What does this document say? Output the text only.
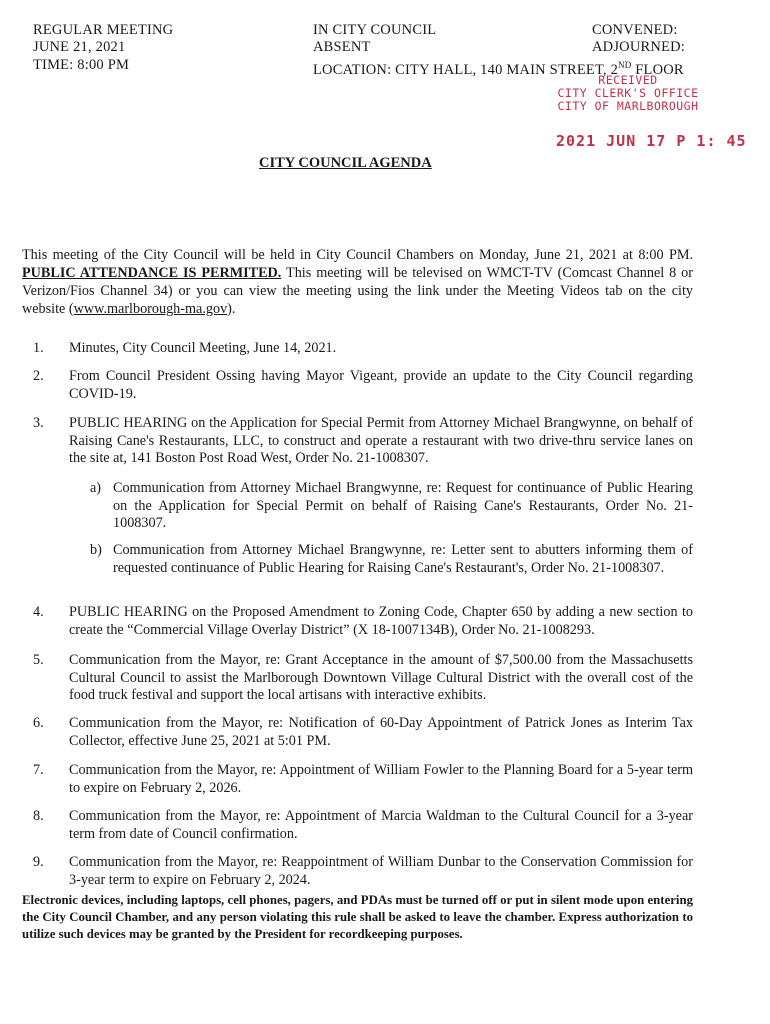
REGULAR MEETING
JUNE 21, 2021
TIME: 8:00 PM
IN CITY COUNCIL
ABSENT
LOCATION: CITY HALL, 140 MAIN STREET, 2ND FLOOR
CONVENED:
ADJOURNED:
RECEIVED
CITY CLERK'S OFFICE
CITY OF MARLBOROUGH
2021 JUN 17 P 1: 45
CITY COUNCIL AGENDA
This meeting of the City Council will be held in City Council Chambers on Monday, June 21, 2021 at 8:00 PM. PUBLIC ATTENDANCE IS PERMITED. This meeting will be televised on WMCT-TV (Comcast Channel 8 or Verizon/Fios Channel 34) or you can view the meeting using the link under the Meeting Videos tab on the city website (www.marlborough-ma.gov).
1. Minutes, City Council Meeting, June 14, 2021.
2. From Council President Ossing having Mayor Vigeant, provide an update to the City Council regarding COVID-19.
3. PUBLIC HEARING on the Application for Special Permit from Attorney Michael Brangwynne, on behalf of Raising Cane's Restaurants, LLC, to construct and operate a restaurant with two drive-thru service lanes on the site at, 141 Boston Post Road West, Order No. 21-1008307.
a) Communication from Attorney Michael Brangwynne, re: Request for continuance of Public Hearing on the Application for Special Permit on behalf of Raising Cane's Restaurants, Order No. 21-1008307.
b) Communication from Attorney Michael Brangwynne, re: Letter sent to abutters informing them of requested continuance of Public Hearing for Raising Cane's Restaurant's, Order No. 21-1008307.
4. PUBLIC HEARING on the Proposed Amendment to Zoning Code, Chapter 650 by adding a new section to create the “Commercial Village Overlay District” (X 18-1007134B), Order No. 21-1008293.
5. Communication from the Mayor, re: Grant Acceptance in the amount of $7,500.00 from the Massachusetts Cultural Council to assist the Marlborough Downtown Village Cultural District with the overall cost of the food truck festival and support the local artisans with interactive exhibits.
6. Communication from the Mayor, re: Notification of 60-Day Appointment of Patrick Jones as Interim Tax Collector, effective June 25, 2021 at 5:01 PM.
7. Communication from the Mayor, re: Appointment of William Fowler to the Planning Board for a 5-year term to expire on February 2, 2026.
8. Communication from the Mayor, re: Appointment of Marcia Waldman to the Cultural Council for a 3-year term from date of Council confirmation.
9. Communication from the Mayor, re: Reappointment of William Dunbar to the Conservation Commission for 3-year term to expire on February 2, 2024.
Electronic devices, including laptops, cell phones, pagers, and PDAs must be turned off or put in silent mode upon entering the City Council Chamber, and any person violating this rule shall be asked to leave the chamber. Express authorization to utilize such devices may be granted by the President for recordkeeping purposes.
